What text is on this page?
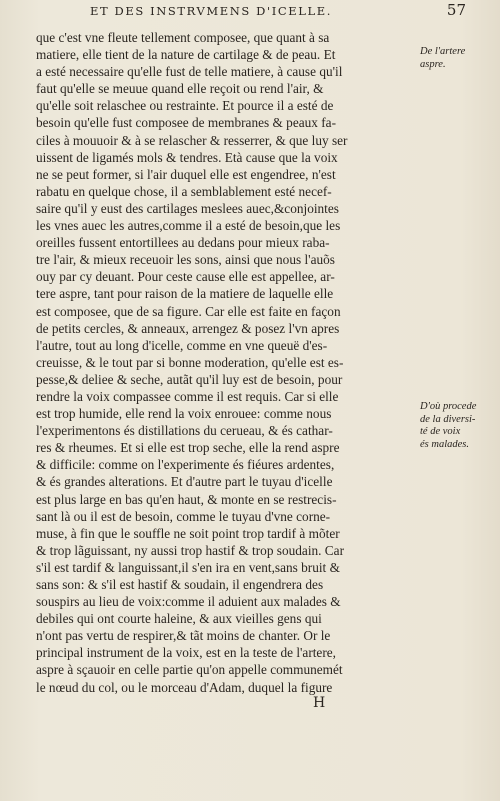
ET DES INSTRVMENS D'ICELLE.	57
que c'est vne fleute tellement composee, que quant à sa
matiere, elle tient de la nature de cartilage & de peau. Et
a esté necessaire qu'elle fust de telle matiere, à cause qu'il
faut qu'elle se meuue quand elle reçoit ou rend l'air, &
qu'elle soit relaschee ou restrainte. Et pource il a esté de
besoin qu'elle fust composee de membranes & peaux fa-
ciles à mouuoir & à se relascher & resserrer, & que luy ser
uissent de ligamés mols & tendres. Età cause que la voix
ne se peut former, si l'air duquel elle est engendree, n'est
rabatu en quelque chose, il a semblablement esté necef-
saire qu'il y eust des cartilages meslees auec,&conjointes
les vnes auec les autres,comme il a esté de besoin,que les
oreilles fussent entortillees au dedans pour mieux raba-
tre l'air, & mieux receuoir les sons, ainsi que nous l'auõs
ouy par cy deuant. Pour ceste cause elle est appellee, ar-
tere aspre, tant pour raison de la matiere de laquelle elle
est composee, que de sa figure. Car elle est faite en façon
de petits cercles, & anneaux, arrengez & posez l'vn apres
l'autre, tout au long d'icelle, comme en vne queuë d'es-
creuisse, & le tout par si bonne moderation, qu'elle est es-
pesse,& deliee & seche, autãt qu'il luy est de besoin, pour
rendre la voix compassee comme il est requis. Car si elle
est trop humide, elle rend la voix enrouee: comme nous
l'experimentons és distillations du cerueau, & és cathar-
res & rheumes. Et si elle est trop seche, elle la rend aspre
& difficile: comme on l'experimente és fiéures ardentes,
& és grandes alterations. Et d'autre part le tuyau d'icelle
est plus large en bas qu'en haut, & monte en se restrecis-
sant là ou il est de besoin, comme le tuyau d'vne corne-
muse, à fin que le souffle ne soit point trop tardif à mõter
& trop lãguissant, ny aussi trop hastif & trop soudain. Car
s'il est tardif & languissant,il s'en ira en vent,sans bruit &
sans son: & s'il est hastif & soudain, il engendrera des
souspirs au lieu de voix:comme il aduient aux malades &
debiles qui ont courte haleine, & aux vieilles gens qui
n'ont pas vertu de respirer,& tãt moins de chanter. Or le
principal instrument de la voix, est en la teste de l'artere,
aspre à sçauoir en celle partie qu'on appelle communemét
le nœud du col, ou le morceau d'Adam, duquel la figure
De l'artere
aspre.
D'où procede
de la diversi-
té de voix
és malades.
H
